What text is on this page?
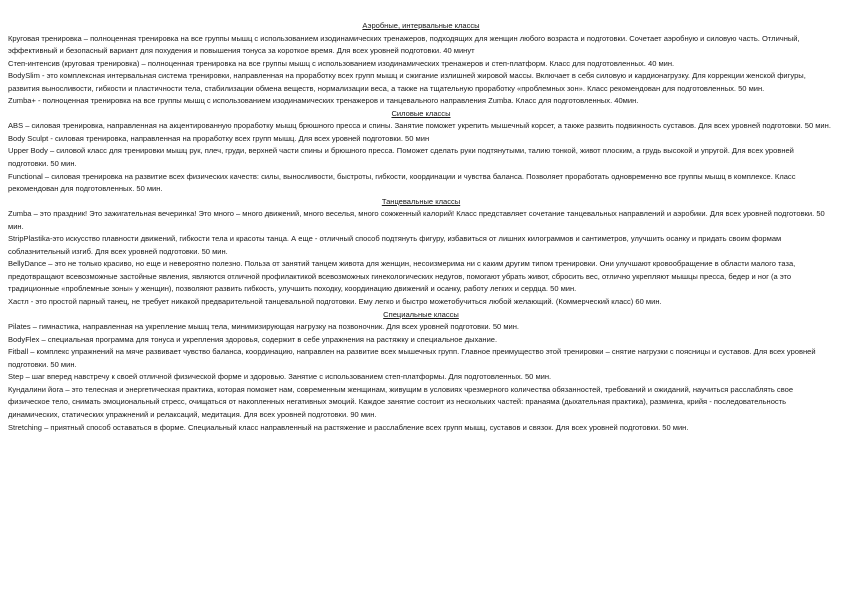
Аэробные, интервальные классы

Круговая тренировка – полноценная тренировка на все группы мышц с использованием изодинамических тренажеров, подходящих для женщин любого возраста и подготовки. Сочетает аэробную и силовую часть. Отличный, эффективный и безопасный вариант для похудения и повышения тонуса за короткое время. Для всех уровней подготовки. 40 минут

Степ-интенсив (круговая тренировка) – полноценная тренировка на все группы мышц с использованием изодинамических тренажеров и степ-платформ. Класс для подготовленных. 40 мин.

BodySlim - это комплексная интервальная система тренировки, направленная на проработку всех групп мышц и сжигание излишней жировой массы. Включает в себя силовую и кардионагрузку. Для коррекции женской фигуры, развития выносливости, гибкости и пластичности тела, стабилизации обмена веществ, нормализации веса, а также на тщательную проработку «проблемных зон». Класс рекомендован для подготовленных. 50 мин.

Zumba+ - полноценная тренировка на все группы мышц с использованием изодинамических тренажеров и танцевального направления Zumba. Класс для подготовленных. 40мин.

Силовые классы

ABS – силовая тренировка, направленная на акцентированную проработку мышц брюшного пресса и спины. Занятие поможет укрепить мышечный корсет, а также развить подвижность суставов. Для всех уровней подготовки. 50 мин.

Body Sculpt - силовая тренировка, направленная на проработку всех групп мышц. Для всех уровней подготовки. 50 мин

Upper Body – силовой класс для тренировки мышц рук, плеч, груди, верхней части спины и брюшного пресса. Поможет сделать руки подтянутыми, талию тонкой, живот плоским, а грудь высокой и упругой. Для всех уровней подготовки. 50 мин.

Functional – силовая тренировка на развитие всех физических качеств: силы, выносливости, быстроты, гибкости, координации и чувства баланса. Позволяет проработать одновременно все группы мышц в комплексе. Класс рекомендован для подготовленных. 50 мин.

Танцевальные классы

Zumba – это праздник! Это зажигательная вечеринка! Это много – много движений, много веселья, много сожженный калорий! Класс представляет сочетание танцевальных направлений и аэробики. Для всех уровней подготовки. 50 мин.

StripPlastika-это искусство плавности движений, гибкости тела и красоты танца. А еще - отличный способ подтянуть фигуру, избавиться от лишних килограммов и сантиметров, улучшить осанку и придать своим формам соблазнительный изгиб. Для всех уровней подготовки. 50 мин.

BellyDance – это не только красиво, но еще и невероятно полезно. Польза от занятий танцем живота для женщин, несоизмерима ни с каким другим типом тренировки. Они улучшают кровообращение в области малого таза, предотвращают всевозможные застойные явления, являются отличной профилактикой всевозможных гинекологических недугов, помогают убрать живот, сбросить вес, отлично укрепляют мышцы пресса, бедер и ног (а это традиционные «проблемные зоны» у женщин), позволяют развить гибкость, улучшить походку, координацию движений и осанку, работу легких и сердца. 50 мин.

Хастл - это простой парный танец, не требует никакой предварительной танцевальной подготовки. Ему легко и быстро можетобучиться любой желающий. (Коммерческий класс) 60 мин.

Специальные классы

Pilates – гимнастика, направленная на укрепление мышц тела, минимизирующая нагрузку на позвоночник. Для всех уровней подготовки. 50 мин.

BodyFlex – специальная программа для тонуса и укрепления здоровья, содержит в себе упражнения на растяжку и специальное дыхание.

Fitball – комплекс упражнений на мяче развивает чувство баланса, координацию, направлен на развитие всех мышечных групп. Главное преимущество этой тренировки – снятие нагрузки с поясницы и суставов. Для всех уровней подготовки. 50 мин.

Step – шаг вперед навстречу к своей отличной физической форме и здоровью. Занятие с использованием степ-платформы. Для подготовленных. 50 мин.

Кундалини йога – это телесная и энергетическая практика, которая поможет нам, современным женщинам, живущим в условиях чрезмерного количества обязанностей, требований и ожиданий, научиться расслаблять свое физическое тело, снимать эмоциональный стресс, очищаться от накопленных негативных эмоций. Каждое занятие состоит из нескольких частей: пранаяма (дыхательная практика), разминка, крийя - последовательность динамических, статических упражнений и релаксаций, медитация. Для всех уровней подготовки. 90 мин.

Stretching – приятный способ оставаться в форме. Специальный класс направленный на растяжение и расслабление всех групп мышц, суставов и связок. Для всех уровней подготовки. 50 мин.
